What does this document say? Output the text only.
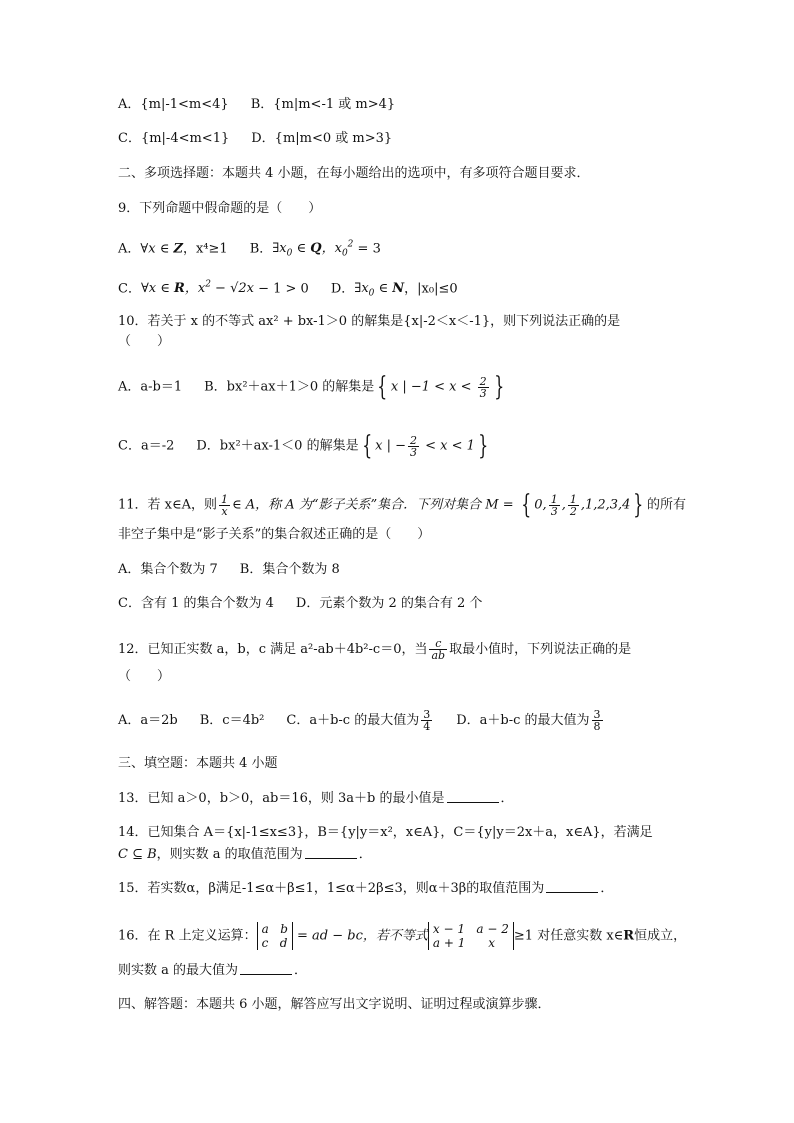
A．{m|-1<m<4} B．{m|m<-1 或 m>4}
C．{m|-4<m<1} D．{m|m<0 或 m>3}
二、多项选择题：本题共 4 小题，在每小题给出的选项中，有多项符合题目要求．
9．下列命题中假命题的是（　　）
A．∀x ∈ Z，x⁴≥1 B．$\exists x_0$ ∈ Q，$x_0^2 = 3$
C．∀x ∈ R，$x^2 - √2x - 1 > 0$ D．$\exists x_0$ ∈ N，|x₀|≤0
10．若关于 x 的不等式 ax² + bx-1＞0 的解集是{x|-2＜x＜-1}，则下列说法正确的是
（　　）
A．a-b＝1 B．bx²＋ax＋1＞0 的解集是 { x | $-1 < x < \frac{2}{3}$ }
C．a＝-2 D．bx²＋ax-1＜0 的解集是 { x | − $\frac{2}{3} < x < 1$ }
11．若 x∈A，则 $\frac{1}{x}$ ∈ A，称 A 为“影子关系”集合．下列对集合 M = { 0, $\frac{1}{3}$ , $\frac{1}{2} ,1,2,3,4$ } 的所有
非空子集中是“影子关系”的集合叙述正确的是（　　）
A．集合个数为 7 B．集合个数为 8
C．含有 1 的集合个数为 4 D．元素个数为 2 的集合有 2 个
12．已知正实数 a，b，c 满足 a²-ab＋4b²-c＝0，当 $\frac{c}{ab}$ 取最小值时，下列说法正确的是
（　　）
A．a＝2b B．c＝4b² C．a＋b-c 的最大值为 $\frac{3}{4}$ D．a＋b-c 的最大值为 $\frac{3}{8}$
三、填空题：本题共 4 小题
13．已知 a＞0，b＞0，ab＝16，则 3a＋b 的最小值是	．
14．已知集合 A＝{x|-1≤x≤3}，B＝{y|y＝x²，x∈A}，C＝{y|y＝2x＋a，x∈A}，若满足
C ⊆ B，则实数 a 的取值范围为	．
15．若实数α，β满足-1≤α＋β≤1，1≤α＋2β≤3，则α＋3β的取值范围为	．
16．在 R 上定义运算： a   b
c   d = ad − bc，若不等式 x − 1   a − 2
a + 1      x	≥1 对任意实数 x∈R恒成立，
则实数 a 的最大值为	．
四、解答题：本题共 6 小题，解答应写出文字说明、证明过程或演算步骤．
